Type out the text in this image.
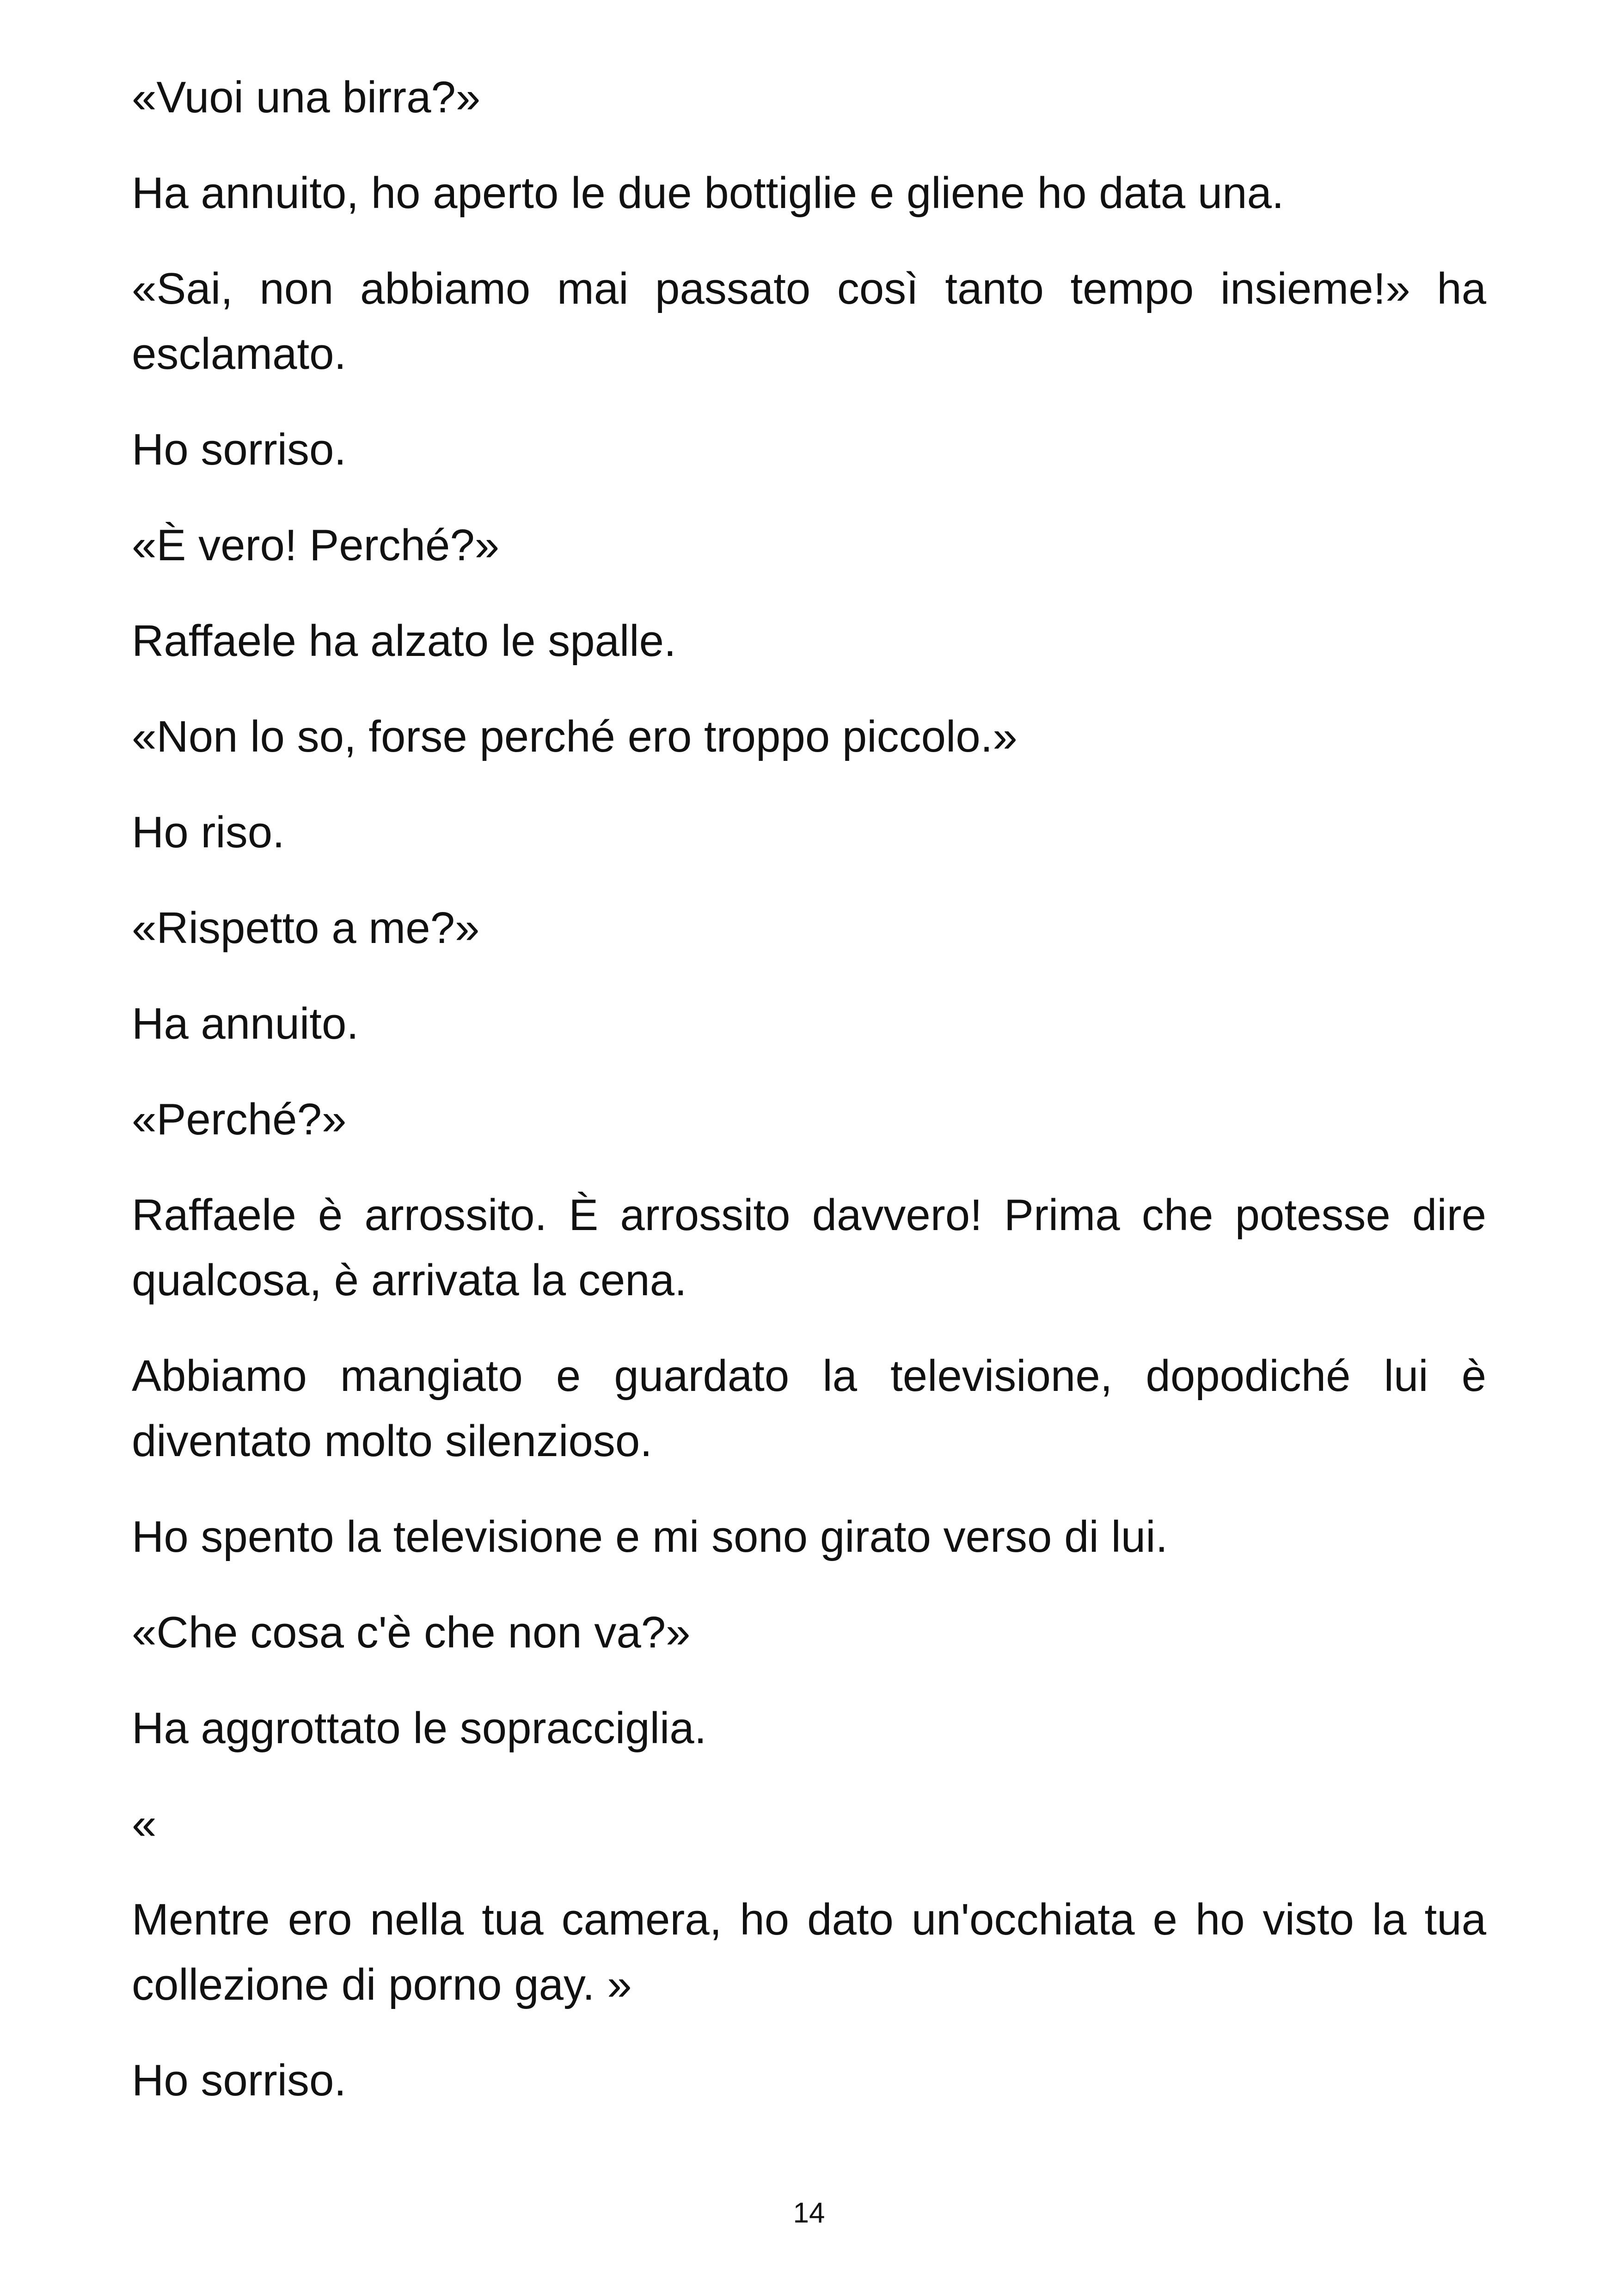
«Vuoi una birra?»

Ha annuito, ho aperto le due bottiglie e gliene ho data una.

«Sai, non abbiamo mai passato così tanto tempo insieme!» ha esclamato.

Ho sorriso.

«È vero! Perché?»

Raffaele ha alzato le spalle.

«Non lo so, forse perché ero troppo piccolo.»

Ho riso.

«Rispetto a me?»

Ha annuito.

«Perché?»

Raffaele è arrossito. È arrossito davvero! Prima che potesse dire qualcosa, è arrivata la cena.

Abbiamo mangiato e guardato la televisione, dopodiché lui è diventato molto silenzioso.

Ho spento la televisione e mi sono girato verso di lui.

«Che cosa c'è che non va?»

Ha aggrottato le sopracciglia.

«

Mentre ero nella tua camera, ho dato un'occhiata e ho visto la tua collezione di porno gay. »

Ho sorriso.

14
